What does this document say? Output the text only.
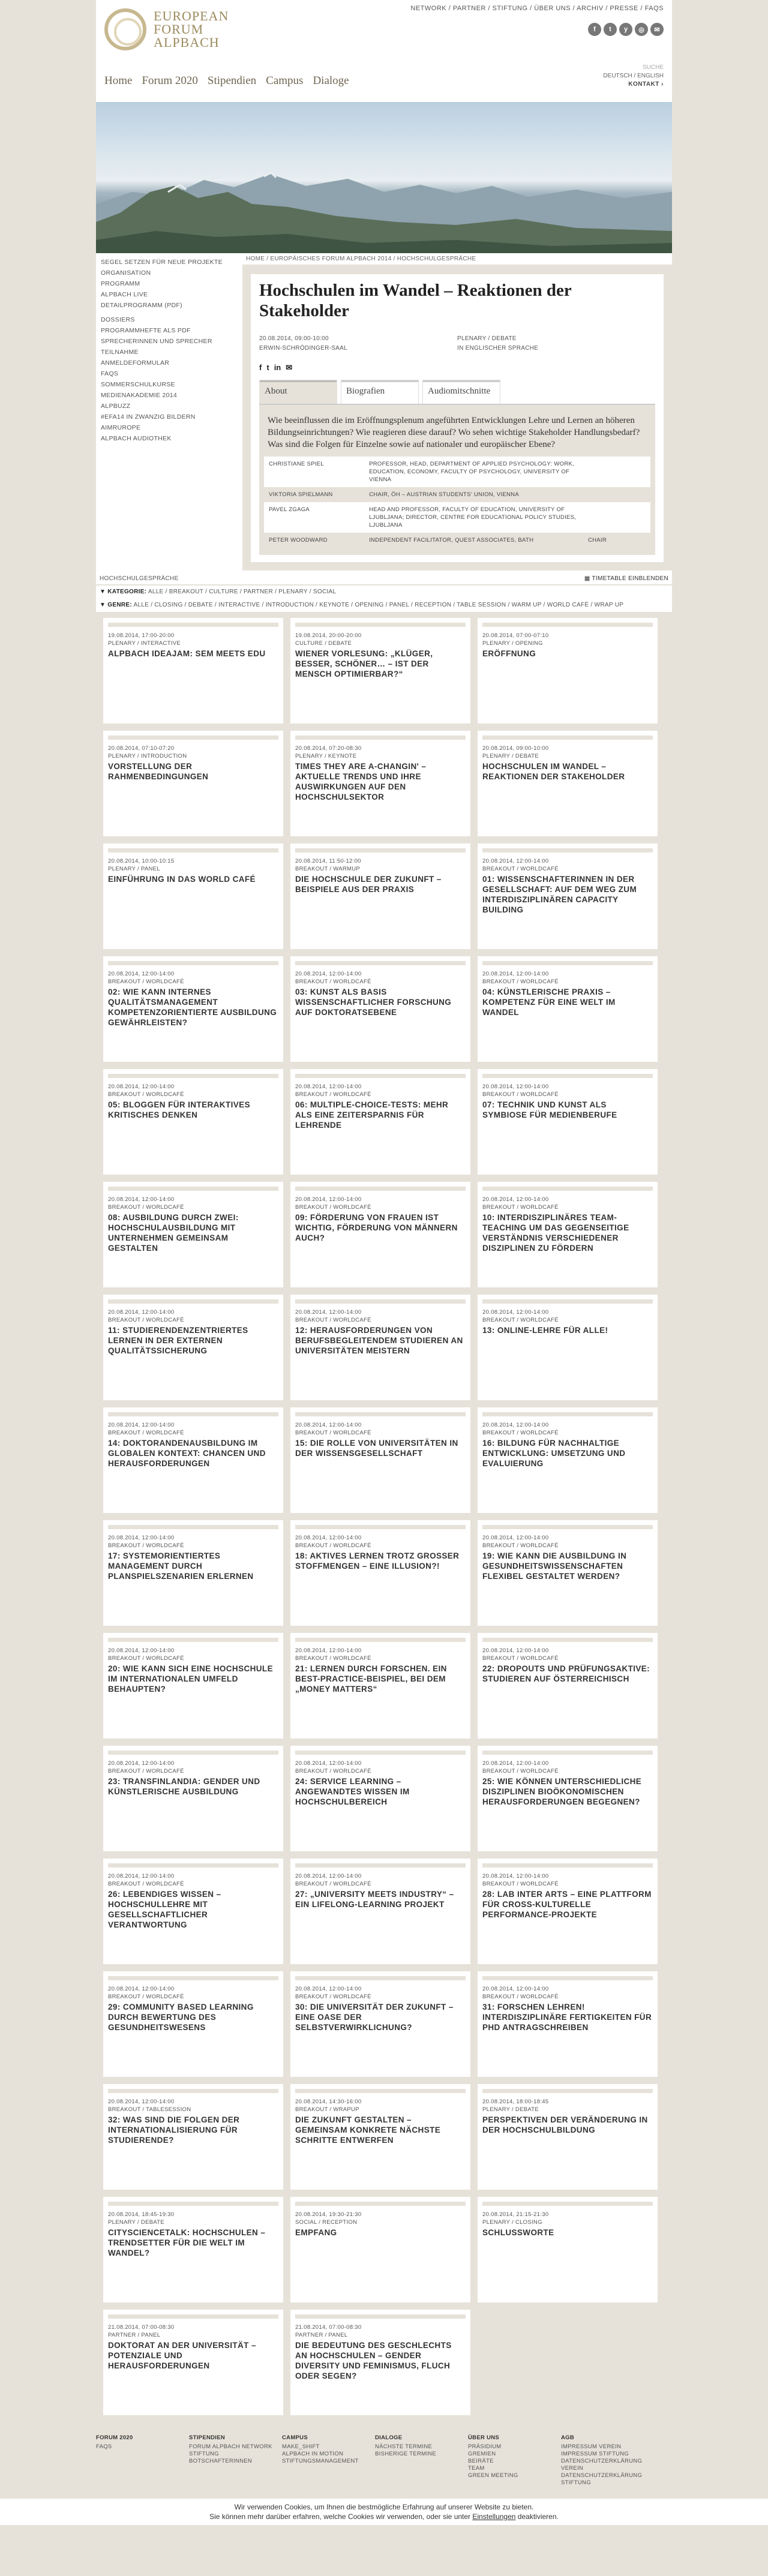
EUROPEAN
FORUM
ALPBACH
NETWORK / PARTNER / STIFTUNG / ÜBER UNS / ARCHIV / PRESSE / FAQS
f	t	y	◎	✉
SUCHE
DEUTSCH / ENGLISH
KONTAKT ›
Home Forum 2020 Stipendien Campus Dialoge
SEGEL SETZEN FÜR NEUE PROJEKTE
ORGANISATION
PROGRAMM
ALPBACH LIVE
DETAILPROGRAMM (PDF)
DOSSIERS
PROGRAMMHEFTE ALS PDF
SPRECHERINNEN UND SPRECHER
TEILNAHME
ANMELDEFORMULAR
FAQS
SOMMERSCHULKURSE
MEDIENAKADEMIE 2014
ALPBUZZ
#EFA14 IN ZWANZIG BILDERN
AIMRUROPE
ALPBACH AUDIOTHEK
HOME / EUROPÄISCHES FORUM ALPBACH 2014 / HOCHSCHULGESPRÄCHE
Hochschulen im Wandel – Reaktionen der Stakeholder
20.08.2014, 09:00-10:00
ERWIN-SCHRÖDINGER-SAAL
PLENARY / DEBATE
IN ENGLISCHER SPRACHE
f t in ✉
About	Biografien	Audiomitschnitte
Wie beeinflussen die im Eröffnungsplenum angeführten Entwicklungen Lehre und Lernen an höheren Bildungseinrichtungen? Wie reagieren diese darauf? Wo sehen wichtige Stakeholder Handlungsbedarf? Was sind die Folgen für Einzelne sowie auf nationaler und europäischer Ebene?
CHRISTIANE SPIEL	PROFESSOR, HEAD, DEPARTMENT OF APPLIED PSYCHOLOGY: WORK, EDUCATION, ECONOMY, FACULTY OF PSYCHOLOGY, UNIVERSITY OF VIENNA
VIKTORIA SPIELMANN	CHAIR, ÖH – AUSTRIAN STUDENTS' UNION, VIENNA
PAVEL ZGAGA	HEAD AND PROFESSOR, FACULTY OF EDUCATION, UNIVERSITY OF LJUBLJANA; DIRECTOR, CENTRE FOR EDUCATIONAL POLICY STUDIES, LJUBLJANA
PETER WOODWARD	INDEPENDENT FACILITATOR, QUEST ASSOCIATES, BATH	CHAIR
HOCHSCHULGESPRÄCHE	▦ TIMETABLE EINBLENDEN
▼ KATEGORIE: ALLE / BREAKOUT / CULTURE / PARTNER / PLENARY / SOCIAL
▼ GENRE: ALLE / CLOSING / DEBATE / INTERACTIVE / INTRODUCTION / KEYNOTE / OPENING / PANEL / RECEPTION / TABLE SESSION / WARM UP / WORLD CAFÉ / WRAP UP
19.08.2014, 17:00-20:00
PLENARY / INTERACTIVE
ALPBACH IDEAJAM: SEM MEETS EDU
19.08.2014, 20:00-20:00
CULTURE / DEBATE
WIENER VORLESUNG: „KLÜGER, BESSER, SCHÖNER… – IST DER MENSCH OPTIMIERBAR?“
20.08.2014, 07:00-07:10
PLENARY / OPENING
ERÖFFNUNG
20.08.2014, 07:10-07:20
PLENARY / INTRODUCTION
VORSTELLUNG DER RAHMENBEDINGUNGEN
20.08.2014, 07:20-08:30
PLENARY / KEYNOTE
TIMES THEY ARE A-CHANGIN' – AKTUELLE TRENDS UND IHRE AUSWIRKUNGEN AUF DEN HOCHSCHULSEKTOR
20.08.2014, 09:00-10:00
PLENARY / DEBATE
HOCHSCHULEN IM WANDEL – REAKTIONEN DER STAKEHOLDER
20.08.2014, 10:00-10:15
PLENARY / PANEL
EINFÜHRUNG IN DAS WORLD CAFÉ
20.08.2014, 11:50-12:00
BREAKOUT / WARMUP
DIE HOCHSCHULE DER ZUKUNFT – BEISPIELE AUS DER PRAXIS
20.08.2014, 12:00-14:00
BREAKOUT / WORLDCAFÉ
01: WISSENSCHAFTERINNEN IN DER GESELLSCHAFT: AUF DEM WEG ZUM INTERDISZIPLINÄREN CAPACITY BUILDING
20.08.2014, 12:00-14:00
BREAKOUT / WORLDCAFÉ
02: WIE KANN INTERNES QUALITÄTSMANAGEMENT KOMPETENZORIENTIERTE AUSBILDUNG GEWÄHRLEISTEN?
20.08.2014, 12:00-14:00
BREAKOUT / WORLDCAFÉ
03: KUNST ALS BASIS WISSENSCHAFTLICHER FORSCHUNG AUF DOKTORATSEBENE
20.08.2014, 12:00-14:00
BREAKOUT / WORLDCAFÉ
04: KÜNSTLERISCHE PRAXIS – KOMPETENZ FÜR EINE WELT IM WANDEL
20.08.2014, 12:00-14:00
BREAKOUT / WORLDCAFÉ
05: BLOGGEN FÜR INTERAKTIVES KRITISCHES DENKEN
20.08.2014, 12:00-14:00
BREAKOUT / WORLDCAFÉ
06: MULTIPLE-CHOICE-TESTS: MEHR ALS EINE ZEITERSPARNIS FÜR LEHRENDE
20.08.2014, 12:00-14:00
BREAKOUT / WORLDCAFÉ
07: TECHNIK UND KUNST ALS SYMBIOSE FÜR MEDIENBERUFE
20.08.2014, 12:00-14:00
BREAKOUT / WORLDCAFÉ
08: AUSBILDUNG DURCH ZWEI: HOCHSCHULAUSBILDUNG MIT UNTERNEHMEN GEMEINSAM GESTALTEN
20.08.2014, 12:00-14:00
BREAKOUT / WORLDCAFÉ
09: FÖRDERUNG VON FRAUEN IST WICHTIG, FÖRDERUNG VON MÄNNERN AUCH?
20.08.2014, 12:00-14:00
BREAKOUT / WORLDCAFÉ
10: INTERDISZIPLINÄRES TEAM-TEACHING UM DAS GEGENSEITIGE VERSTÄNDNIS VERSCHIEDENER DISZIPLINEN ZU FÖRDERN
20.08.2014, 12:00-14:00
BREAKOUT / WORLDCAFÉ
11: STUDIERENDENZENTRIERTES LERNEN IN DER EXTERNEN QUALITÄTSSICHERUNG
20.08.2014, 12:00-14:00
BREAKOUT / WORLDCAFÉ
12: HERAUSFORDERUNGEN VON BERUFSBEGLEITENDEM STUDIEREN AN UNIVERSITÄTEN MEISTERN
20.08.2014, 12:00-14:00
BREAKOUT / WORLDCAFÉ
13: ONLINE-LEHRE FÜR ALLE!
20.08.2014, 12:00-14:00
BREAKOUT / WORLDCAFÉ
14: DOKTORANDENAUSBILDUNG IM GLOBALEN KONTEXT: CHANCEN UND HERAUSFORDERUNGEN
20.08.2014, 12:00-14:00
BREAKOUT / WORLDCAFÉ
15: DIE ROLLE VON UNIVERSITÄTEN IN DER WISSENSGESELLSCHAFT
20.08.2014, 12:00-14:00
BREAKOUT / WORLDCAFÉ
16: BILDUNG FÜR NACHHALTIGE ENTWICKLUNG: UMSETZUNG UND EVALUIERUNG
20.08.2014, 12:00-14:00
BREAKOUT / WORLDCAFÉ
17: SYSTEMORIENTIERTES MANAGEMENT DURCH PLANSPIELSZENARIEN ERLERNEN
20.08.2014, 12:00-14:00
BREAKOUT / WORLDCAFÉ
18: AKTIVES LERNEN TROTZ GROSSER STOFFMENGEN – EINE ILLUSION?!
20.08.2014, 12:00-14:00
BREAKOUT / WORLDCAFÉ
19: WIE KANN DIE AUSBILDUNG IN GESUNDHEITSWISSENSCHAFTEN FLEXIBEL GESTALTET WERDEN?
20.08.2014, 12:00-14:00
BREAKOUT / WORLDCAFÉ
20: WIE KANN SICH EINE HOCHSCHULE IM INTERNATIONALEN UMFELD BEHAUPTEN?
20.08.2014, 12:00-14:00
BREAKOUT / WORLDCAFÉ
21: LERNEN DURCH FORSCHEN. EIN BEST-PRACTICE-BEISPIEL, BEI DEM „MONEY MATTERS“
20.08.2014, 12:00-14:00
BREAKOUT / WORLDCAFÉ
22: DROPOUTS UND PRÜFUNGSAKTIVE: STUDIEREN AUF ÖSTERREICHISCH
20.08.2014, 12:00-14:00
BREAKOUT / WORLDCAFÉ
23: TRANSFINLANDIA: GENDER UND KÜNSTLERISCHE AUSBILDUNG
20.08.2014, 12:00-14:00
BREAKOUT / WORLDCAFÉ
24: SERVICE LEARNING – ANGEWANDTES WISSEN IM HOCHSCHULBEREICH
20.08.2014, 12:00-14:00
BREAKOUT / WORLDCAFÉ
25: WIE KÖNNEN UNTERSCHIEDLICHE DISZIPLINEN BIOÖKONOMISCHEN HERAUSFORDERUNGEN BEGEGNEN?
20.08.2014, 12:00-14:00
BREAKOUT / WORLDCAFÉ
26: LEBENDIGES WISSEN – HOCHSCHULLEHRE MIT GESELLSCHAFTLICHER VERANTWORTUNG
20.08.2014, 12:00-14:00
BREAKOUT / WORLDCAFÉ
27: „UNIVERSITY MEETS INDUSTRY“ – EIN LIFELONG-LEARNING PROJEKT
20.08.2014, 12:00-14:00
BREAKOUT / WORLDCAFÉ
28: LAB INTER ARTS – EINE PLATTFORM FÜR CROSS-KULTURELLE PERFORMANCE-PROJEKTE
20.08.2014, 12:00-14:00
BREAKOUT / WORLDCAFÉ
29: COMMUNITY BASED LEARNING DURCH BEWERTUNG DES GESUNDHEITSWESENS
20.08.2014, 12:00-14:00
BREAKOUT / WORLDCAFÉ
30: DIE UNIVERSITÄT DER ZUKUNFT – EINE OASE DER SELBSTVERWIRKLICHUNG?
20.08.2014, 12:00-14:00
BREAKOUT / WORLDCAFÉ
31: FORSCHEN LEHREN! INTERDISZIPLINÄRE FERTIGKEITEN FÜR PHD ANTRAGSCHREIBEN
20.08.2014, 12:00-14:00
BREAKOUT / TABLESESSION
32: WAS SIND DIE FOLGEN DER INTERNATIONALISIERUNG FÜR STUDIERENDE?
20.08.2014, 14:30-16:00
BREAKOUT / WRAPUP
DIE ZUKUNFT GESTALTEN – GEMEINSAM KONKRETE NÄCHSTE SCHRITTE ENTWERFEN
20.08.2014, 18:00-18:45
PLENARY / DEBATE
PERSPEKTIVEN DER VERÄNDERUNG IN DER HOCHSCHULBILDUNG
20.08.2014, 18:45-19:30
PLENARY / DEBATE
CITYSCIENCETALK: HOCHSCHULEN – TRENDSETTER FÜR DIE WELT IM WANDEL?
20.08.2014, 19:30-21:30
SOCIAL / RECEPTION
EMPFANG
20.08.2014, 21:15-21:30
PLENARY / CLOSING
SCHLUSSWORTE
21.08.2014, 07:00-08:30
PARTNER / PANEL
DOKTORAT AN DER UNIVERSITÄT – POTENZIALE UND HERAUSFORDERUNGEN
21.08.2014, 07:00-08:30
PARTNER / PANEL
DIE BEDEUTUNG DES GESCHLECHTS AN HOCHSCHULEN – GENDER DIVERSITY UND FEMINISMUS, FLUCH ODER SEGEN?
FORUM 2020
FAQS
STIPENDIEN
FORUM ALPBACH NETWORK
STIFTUNG
BOTSCHAFTERINNEN
CAMPUS
MAKE_SHIFT
ALPBACH IN MOTION
STIFTUNGSMANAGEMENT
DIALOGE
NÄCHSTE TERMINE
BISHERIGE TERMINE
ÜBER UNS
PRÄSIDIUM
GREMIEN
BEIRÄTE
TEAM
GREEN MEETING
AGB
IMPRESSUM VEREIN
IMPRESSUM STIFTUNG
DATENSCHUTZERKLÄRUNG VEREIN
DATENSCHUTZERKLÄRUNG STIFTUNG
Wir verwenden Cookies, um Ihnen die bestmögliche Erfahrung auf unserer Website zu bieten.
Sie können mehr darüber erfahren, welche Cookies wir verwenden, oder sie unter Einstellungen deaktivieren.
